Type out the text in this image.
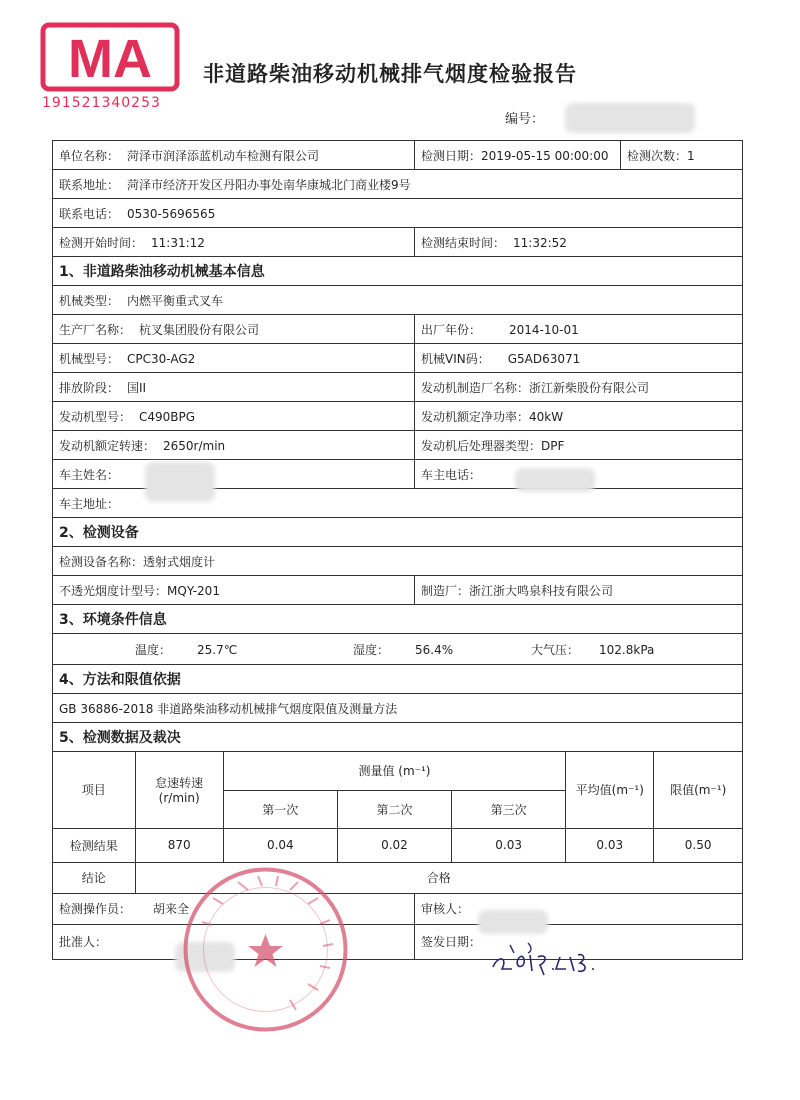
MA
191521340253
非道路柴油移动机械排气烟度检验报告
编号：
单位名称： 菏泽市润泽添蓝机动车检测有限公司	检测日期：2019-05-15 00:00:00	检测次数：1
联系地址： 菏泽市经济开发区丹阳办事处南华康城北门商业楼9号
联系电话： 0530-5696565
检测开始时间： 11:31:12	检测结束时间： 11:32:52
1、非道路柴油移动机械基本信息
机械类型： 内燃平衡重式叉车
生产厂名称： 杭叉集团股份有限公司	出厂年份： 2014-10-01
机械型号： CPC30-AG2	机械VIN码： G5AD63071
排放阶段： 国II	发动机制造厂名称：浙江新柴股份有限公司
发动机型号： C490BPG	发动机额定净功率：40kW
发动机额定转速： 2650r/min	发动机后处理器类型：DPF
车主姓名：	车主电话：
车主地址：
2、检测设备
检测设备名称：透射式烟度计
不透光烟度计型号：MQY-201	制造厂：浙江浙大鸣泉科技有限公司
3、环境条件信息
温度： 25.7℃	湿度： 56.4%	大气压： 102.8kPa
4、方法和限值依据
GB 36886-2018 非道路柴油移动机械排气烟度限值及测量方法
5、检测数据及裁决

项目	怠速转速
(r/min)
	测量值 (m⁻¹)	平均值(m⁻¹)	限值(m⁻¹)
第一次	第二次	第三次
检测结果	870	0.04	0.02	0.03	0.03	0.50
结论	合格

检测操作员： 胡来全	审核人：
批准人：	签发日期：
